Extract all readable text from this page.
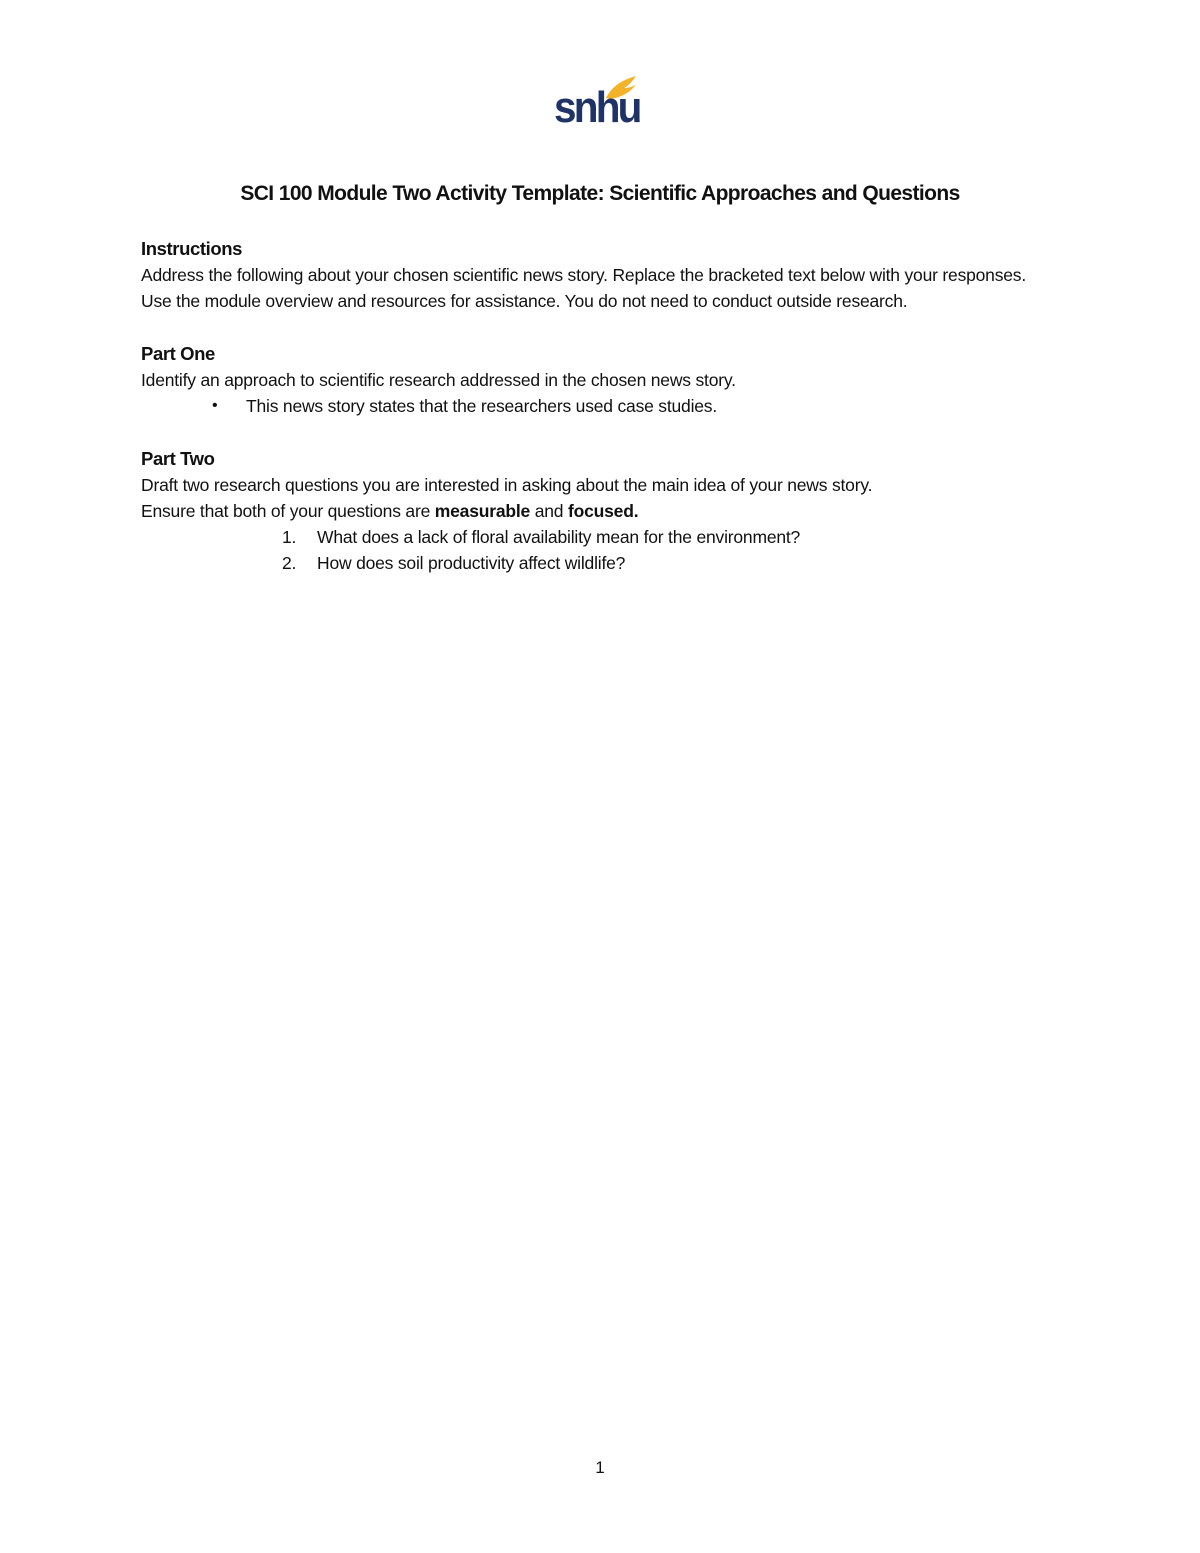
snhu
SCI 100 Module Two Activity Template: Scientific Approaches and Questions

Instructions

Address the following about your chosen scientific news story. Replace the bracketed text below with your responses. Use the module overview and resources for assistance. You do not need to conduct outside research.

Part One

Identify an approach to scientific research addressed in the chosen news story.

• This news story states that the researchers used case studies.

Part Two

Draft two research questions you are interested in asking about the main idea of your news story.

Ensure that both of your questions are measurable and focused.

1. What does a lack of floral availability mean for the environment?
2. How does soil productivity affect wildlife?
1
